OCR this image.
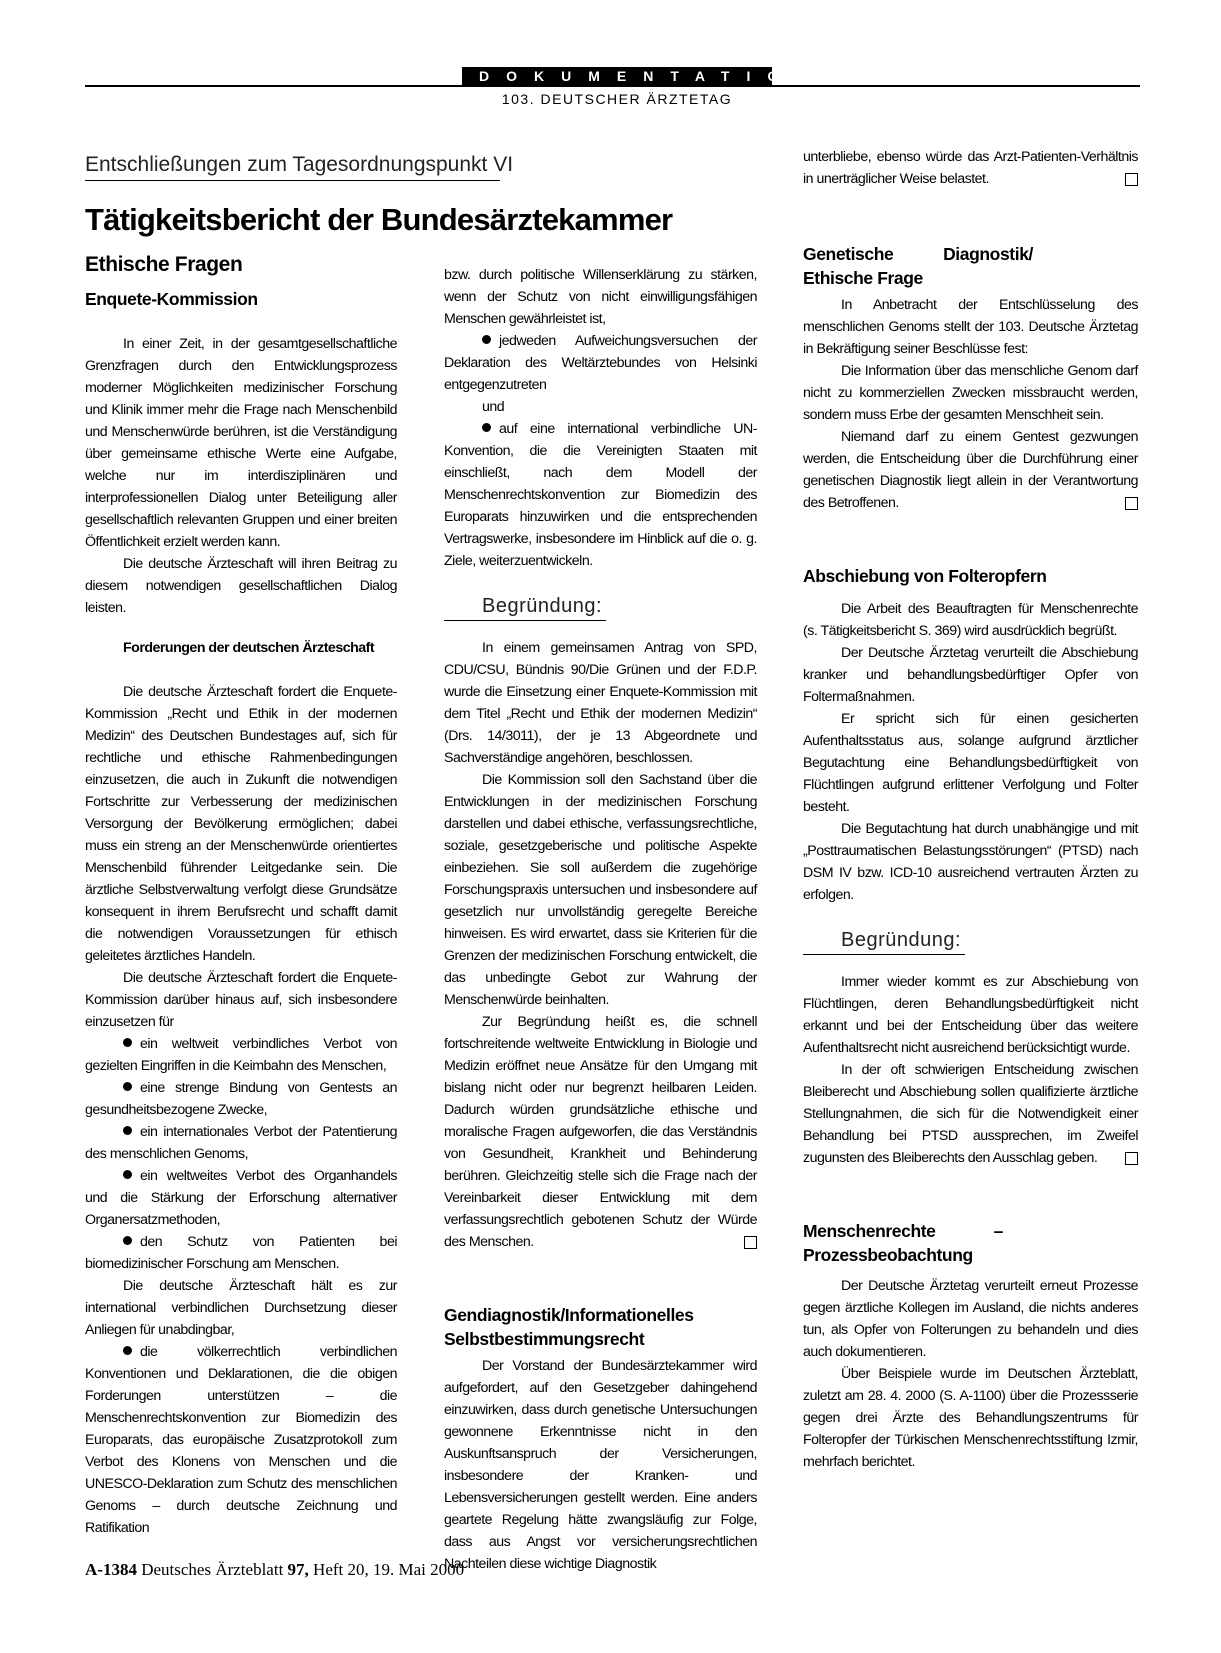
DOKUMENTATION
103. DEUTSCHER ÄRZTETAG
Entschließungen zum Tagesordnungspunkt VI
Tätigkeitsbericht der Bundesärztekammer
Ethische Fragen
Enquete-Kommission

In einer Zeit, in der gesamtgesellschaftliche Grenzfragen durch den Entwicklungsprozess moderner Möglichkeiten medizinischer Forschung und Klinik immer mehr die Frage nach Menschenbild und Menschenwürde berühren, ist die Verständigung über gemeinsame ethische Werte eine Aufgabe, welche nur im interdisziplinären und interprofessionellen Dialog unter Beteiligung aller gesellschaftlich relevanten Gruppen und einer breiten Öffentlichkeit erzielt werden kann.

Die deutsche Ärzteschaft will ihren Beitrag zu diesem notwendigen gesellschaftlichen Dialog leisten.

Forderungen der deutschen Ärzteschaft

Die deutsche Ärzteschaft fordert die Enquete-Kommission „Recht und Ethik in der modernen Medizin“ des Deutschen Bundestages auf, sich für rechtliche und ethische Rahmenbedingungen einzusetzen, die auch in Zukunft die notwendigen Fortschritte zur Verbesserung der medizinischen Versorgung der Bevölkerung ermöglichen; dabei muss ein streng an der Menschenwürde orientiertes Menschenbild führender Leitgedanke sein. Die ärztliche Selbstverwaltung verfolgt diese Grundsätze konsequent in ihrem Berufsrecht und schafft damit die notwendigen Voraussetzungen für ethisch geleitetes ärztliches Handeln.

Die deutsche Ärzteschaft fordert die Enquete-Kommission darüber hinaus auf, sich insbesondere einzusetzen für

ein weltweit verbindliches Verbot von gezielten Eingriffen in die Keimbahn des Menschen,

eine strenge Bindung von Gentests an gesundheitsbezogene Zwecke,

ein internationales Verbot der Patentierung des menschlichen Genoms,

ein weltweites Verbot des Organhandels und die Stärkung der Erforschung alternativer Organersatzmethoden,

den Schutz von Patienten bei biomedizinischer Forschung am Menschen.

Die deutsche Ärzteschaft hält es zur international verbindlichen Durchsetzung dieser Anliegen für unabdingbar,

die völkerrechtlich verbindlichen Konventionen und Deklarationen, die die obigen Forderungen unterstützen – die Menschenrechtskonvention zur Biomedizin des Europarats, das europäische Zusatzprotokoll zum Verbot des Klonens von Menschen und die UNESCO-Deklaration zum Schutz des menschlichen Genoms – durch deutsche Zeichnung und Ratifikation

bzw. durch politische Willenserklärung zu stärken, wenn der Schutz von nicht einwilligungsfähigen Menschen gewährleistet ist,

jedweden Aufweichungsversuchen der Deklaration des Weltärztebundes von Helsinki entgegenzutreten

und

auf eine international verbindliche UN-Konvention, die die Vereinigten Staaten mit einschließt, nach dem Modell der Menschenrechtskonvention zur Biomedizin des Europarats hinzuwirken und die entsprechenden Vertragswerke, insbesondere im Hinblick auf die o. g. Ziele, weiterzuentwickeln.

Begründung:

In einem gemeinsamen Antrag von SPD, CDU/CSU, Bündnis 90/Die Grünen und der F.D.P. wurde die Einsetzung einer Enquete-Kommission mit dem Titel „Recht und Ethik der modernen Medizin“ (Drs. 14/3011), der je 13 Abgeordnete und Sachverständige angehören, beschlossen.

Die Kommission soll den Sachstand über die Entwicklungen in der medizinischen Forschung darstellen und dabei ethische, verfassungsrechtliche, soziale, gesetzgeberische und politische Aspekte einbeziehen. Sie soll außerdem die zugehörige Forschungspraxis untersuchen und insbesondere auf gesetzlich nur unvollständig geregelte Bereiche hinweisen. Es wird erwartet, dass sie Kriterien für die Grenzen der medizinischen Forschung entwickelt, die das unbedingte Gebot zur Wahrung der Menschenwürde beinhalten.

Zur Begründung heißt es, die schnell fortschreitende weltweite Entwicklung in Biologie und Medizin eröffnet neue Ansätze für den Umgang mit bislang nicht oder nur begrenzt heilbaren Leiden. Dadurch würden grundsätzliche ethische und moralische Fragen aufgeworfen, die das Verständnis von Gesundheit, Krankheit und Behinderung berühren. Gleichzeitig stelle sich die Frage nach der Vereinbarkeit dieser Entwicklung mit dem verfassungsrechtlich gebotenen Schutz der Würde des Menschen.

Gendiagnostik/Informationelles Selbstbestimmungsrecht

Der Vorstand der Bundesärztekammer wird aufgefordert, auf den Gesetzgeber dahingehend einzuwirken, dass durch genetische Untersuchungen gewonnene Erkenntnisse nicht in den Auskunftsanspruch der Versicherungen, insbesondere der Kranken- und Lebensversicherungen gestellt werden. Eine anders geartete Regelung hätte zwangsläufig zur Folge, dass aus Angst vor versicherungsrechtlichen Nachteilen diese wichtige Diagnostik

unterbliebe, ebenso würde das Arzt-Patienten-Verhältnis in unerträglicher Weise belastet.

Genetische Diagnostik/ Ethische Frage

In Anbetracht der Entschlüsselung des menschlichen Genoms stellt der 103. Deutsche Ärztetag in Bekräftigung seiner Beschlüsse fest:

Die Information über das menschliche Genom darf nicht zu kommerziellen Zwecken missbraucht werden, sondern muss Erbe der gesamten Menschheit sein.

Niemand darf zu einem Gentest gezwungen werden, die Entscheidung über die Durchführung einer genetischen Diagnostik liegt allein in der Verantwortung des Betroffenen.

Abschiebung von Folteropfern

Die Arbeit des Beauftragten für Menschenrechte (s. Tätigkeitsbericht S. 369) wird ausdrücklich begrüßt.

Der Deutsche Ärztetag verurteilt die Abschiebung kranker und behandlungsbedürftiger Opfer von Foltermaßnahmen.

Er spricht sich für einen gesicherten Aufenthaltsstatus aus, solange aufgrund ärztlicher Begutachtung eine Behandlungsbedürftigkeit von Flüchtlingen aufgrund erlittener Verfolgung und Folter besteht.

Die Begutachtung hat durch unabhängige und mit „Posttraumatischen Belastungsstörungen“ (PTSD) nach DSM IV bzw. ICD-10 ausreichend vertrauten Ärzten zu erfolgen.

Begründung:

Immer wieder kommt es zur Abschiebung von Flüchtlingen, deren Behandlungsbedürftigkeit nicht erkannt und bei der Entscheidung über das weitere Aufenthaltsrecht nicht ausreichend berücksichtigt wurde.

In der oft schwierigen Entscheidung zwischen Bleiberecht und Abschiebung sollen qualifizierte ärztliche Stellungnahmen, die sich für die Notwendigkeit einer Behandlung bei PTSD aussprechen, im Zweifel zugunsten des Bleiberechts den Ausschlag geben.

Menschenrechte – Prozessbeobachtung

Der Deutsche Ärztetag verurteilt erneut Prozesse gegen ärztliche Kollegen im Ausland, die nichts anderes tun, als Opfer von Folterungen zu behandeln und dies auch dokumentieren.

Über Beispiele wurde im Deutschen Ärzteblatt, zuletzt am 28. 4. 2000 (S. A-1100) über die Prozessserie gegen drei Ärzte des Behandlungszentrums für Folteropfer der Türkischen Menschenrechtsstiftung Izmir, mehrfach berichtet.

A-1384 Deutsches Ärzteblatt 97, Heft 20, 19. Mai 2000
